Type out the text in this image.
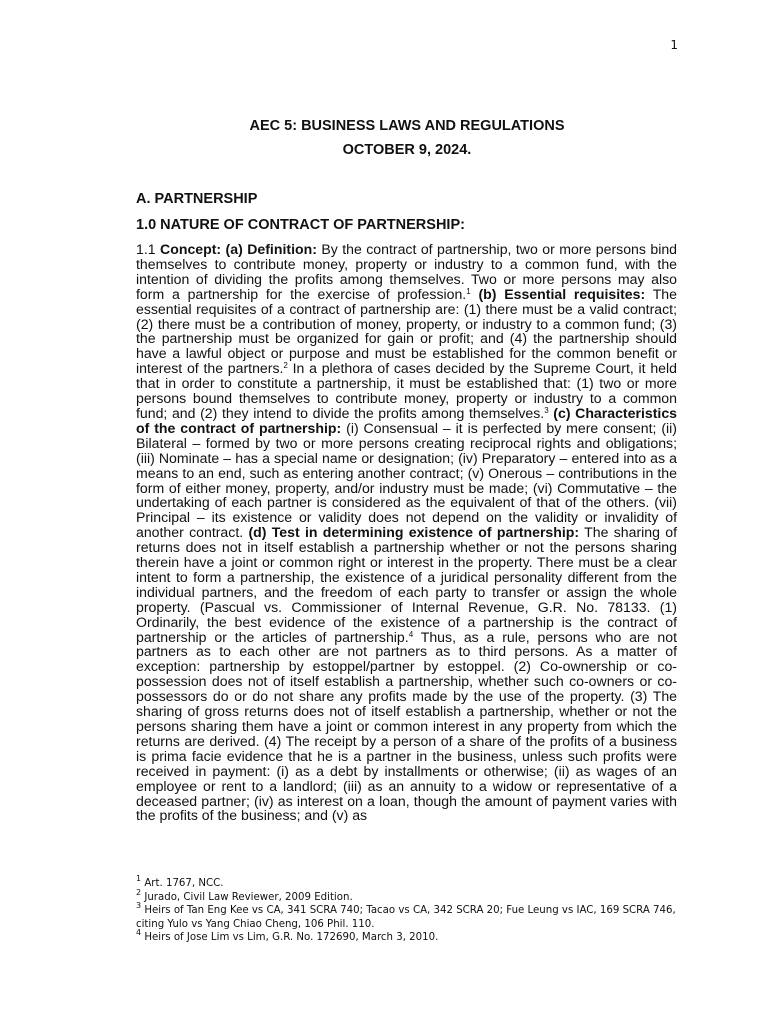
1
AEC 5: BUSINESS LAWS AND REGULATIONS
OCTOBER 9, 2024.
A. PARTNERSHIP
1.0 NATURE OF CONTRACT OF PARTNERSHIP:

1.1 Concept: (a) Definition: By the contract of partnership, two or more persons bind themselves to contribute money, property or industry to a common fund, with the intention of dividing the profits among themselves. Two or more persons may also form a partnership for the exercise of profession.$^1$ (b) Essential requisites: The essential requisites of a contract of partnership are: (1) there must be a valid contract; (2) there must be a contribution of money, property, or industry to a common fund; (3) the partnership must be organized for gain or profit; and (4) the partnership should have a lawful object or purpose and must be established for the common benefit or interest of the partners.$^2$ In a plethora of cases decided by the Supreme Court, it held that in order to constitute a partnership, it must be established that: (1) two or more persons bound themselves to contribute money, property or industry to a common fund; and (2) they intend to divide the profits among themselves.$^3$ (c) Characteristics of the contract of partnership: (i) Consensual – it is perfected by mere consent; (ii) Bilateral – formed by two or more persons creating reciprocal rights and obligations; (iii) Nominate – has a special name or designation; (iv) Preparatory – entered into as a means to an end, such as entering another contract; (v) Onerous – contributions in the form of either money, property, and/or industry must be made; (vi) Commutative – the undertaking of each partner is considered as the equivalent of that of the others. (vii) Principal – its existence or validity does not depend on the validity or invalidity of another contract. (d) Test in determining existence of partnership: The sharing of returns does not in itself establish a partnership whether or not the persons sharing therein have a joint or common right or interest in the property. There must be a clear intent to form a partnership, the existence of a juridical personality different from the individual partners, and the freedom of each party to transfer or assign the whole property. (Pascual vs. Commissioner of Internal Revenue, G.R. No. 78133. (1) Ordinarily, the best evidence of the existence of a partnership is the contract of partnership or the articles of partnership.$^4$ Thus, as a rule, persons who are not partners as to each other are not partners as to third persons. As a matter of exception: partnership by estoppel/partner by estoppel. (2) Co-ownership or co-possession does not of itself establish a partnership, whether such co-owners or co-possessors do or do not share any profits made by the use of the property. (3) The sharing of gross returns does not of itself establish a partnership, whether or not the persons sharing them have a joint or common interest in any property from which the returns are derived. (4) The receipt by a person of a share of the profits of a business is prima facie evidence that he is a partner in the business, unless such profits were received in payment: (i) as a debt by installments or otherwise; (ii) as wages of an employee or rent to a landlord; (iii) as an annuity to a widow or representative of a deceased partner; (iv) as interest on a loan, though the amount of payment varies with the profits of the business; and (v) as

$^1$ Art. 1767, NCC.

$^2$ Jurado, Civil Law Reviewer, 2009 Edition.

$^3$ Heirs of Tan Eng Kee vs CA, 341 SCRA 740; Tacao vs CA, 342 SCRA 20; Fue Leung vs IAC, 169 SCRA 746, citing Yulo vs Yang Chiao Cheng, 106 Phil. 110.

$^4$ Heirs of Jose Lim vs Lim, G.R. No. 172690, March 3, 2010.
